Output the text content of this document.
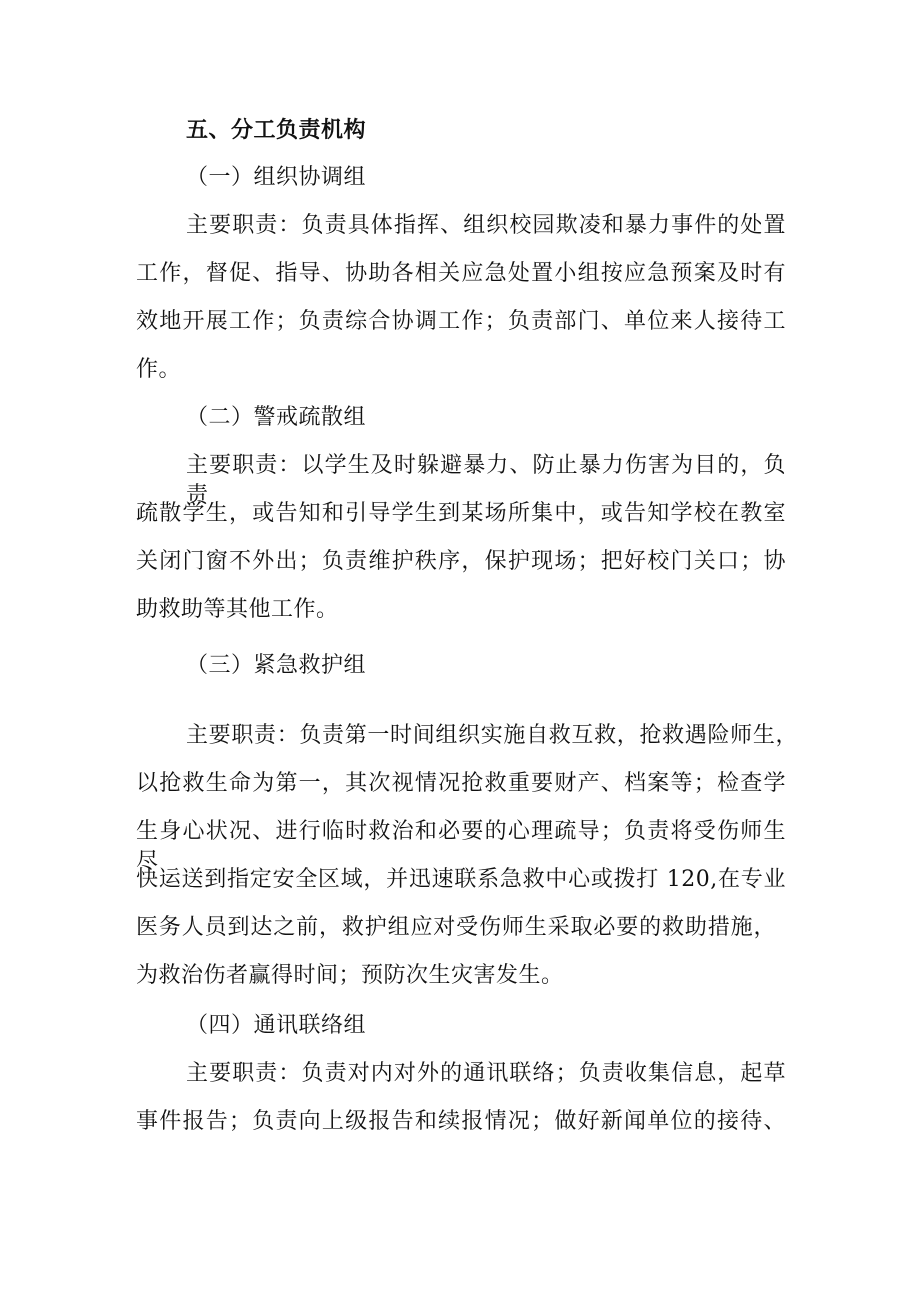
五、分工负责机构
（一）组织协调组
主要职责：负责具体指挥、组织校园欺凌和暴力事件的处置
工作，督促、指导、协助各相关应急处置小组按应急预案及时有
效地开展工作；负责综合协调工作；负责部门、单位来人接待工
作。
（二）警戒疏散组
主要职责：以学生及时躲避暴力、防止暴力伤害为目的，负责
疏散学生，或告知和引导学生到某场所集中，或告知学校在教室
关闭门窗不外出；负责维护秩序，保护现场；把好校门关口；协
助救助等其他工作。
（三）紧急救护组
主要职责：负责第一时间组织实施自救互救，抢救遇险师生，
以抢救生命为第一，其次视情况抢救重要财产、档案等；检查学
生身心状况、进行临时救治和必要的心理疏导；负责将受伤师生尽
快运送到指定安全区域，并迅速联系急救中心或拨打 120,在专业
医务人员到达之前，救护组应对受伤师生采取必要的救助措施，
为救治伤者赢得时间；预防次生灾害发生。
（四）通讯联络组
主要职责：负责对内对外的通讯联络；负责收集信息，起草
事件报告；负责向上级报告和续报情况；做好新闻单位的接待、
